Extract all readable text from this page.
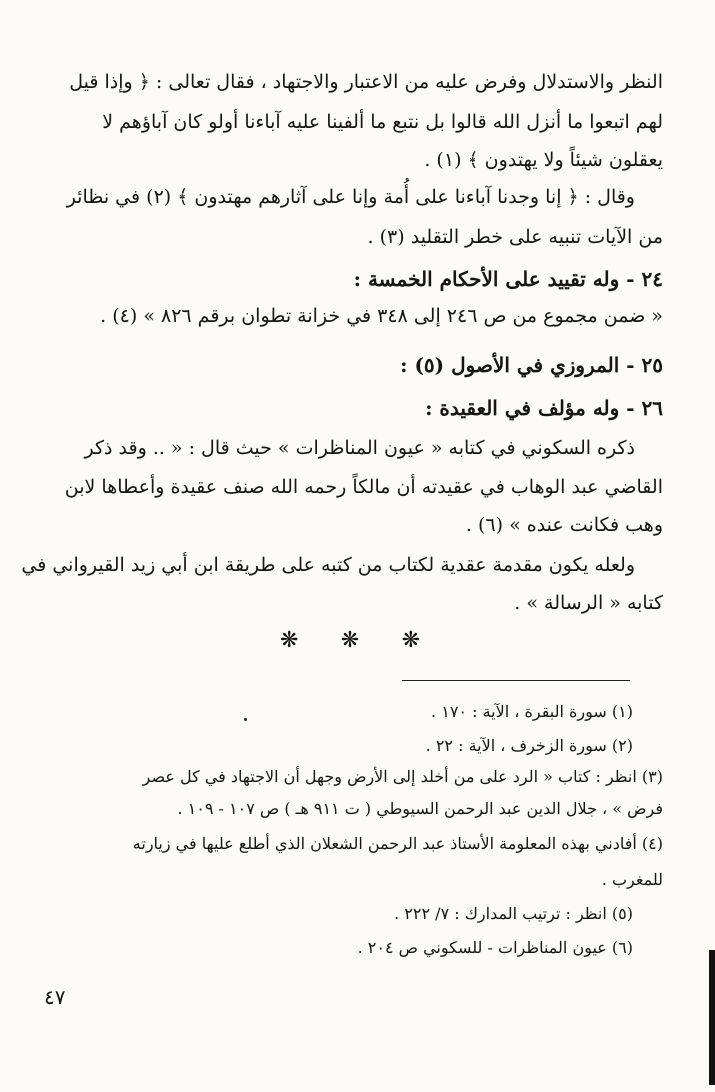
النظر والاستدلال وفرض عليه من الاعتبار والاجتهاد ، فقال تعالى : ﴿ وإذا قيل
لهم اتبعوا ما أنزل الله قالوا بل نتبع ما ألفينا عليه آباءنا أولو كان آباؤهم لا
يعقلون شيئاً ولا يهتدون ﴾ (١) .
وقال : ﴿ إنا وجدنا آباءنا على أُمة وإنا على آثارهم مهتدون ﴾ (٢) في نظائر
من الآيات تنبيه على خطر التقليد (٣) .
٢٤ - وله تقييد على الأحكام الخمسة :
« ضمن مجموع من ص ٢٤٦ إلى ٣٤٨ في خزانة تطوان برقم ٨٢٦ » (٤) .
٢٥ - المروزي في الأصول (٥) :
٢٦ - وله مؤلف في العقيدة :
ذكره السكوني في كتابه « عيون المناظرات » حيث قال : « .. وقد ذكر
القاضي عبد الوهاب في عقيدته أن مالكاً رحمه الله صنف عقيدة وأعطاها لابن
وهب فكانت عنده » (٦) .
ولعله يكون مقدمة عقدية لكتاب من كتبه على طريقة ابن أبي زيد القيرواني في
كتابه « الرسالة » .
❋ ❋ ❋
(١) سورة البقرة ، الآية : ١٧٠ .
(٢) سورة الزخرف ، الآية : ٢٢ .
(٣) انظر : كتاب « الرد على من أخلد إلى الأرض وجهل أن الاجتهاد في كل عصر
فرض » ، جلال الدين عبد الرحمن السيوطي ( ت ٩١١ هـ ) ص ١٠٧ - ١٠٩ .
(٤) أفادني بهذه المعلومة الأستاذ عبد الرحمن الشعلان الذي أطلع عليها في زيارته
للمغرب .
(٥) انظر : ترتيب المدارك : ٧/ ٢٢٢ .
(٦) عيون المناظرات - للسكوني ص ٢٠٤ .
٤٧
